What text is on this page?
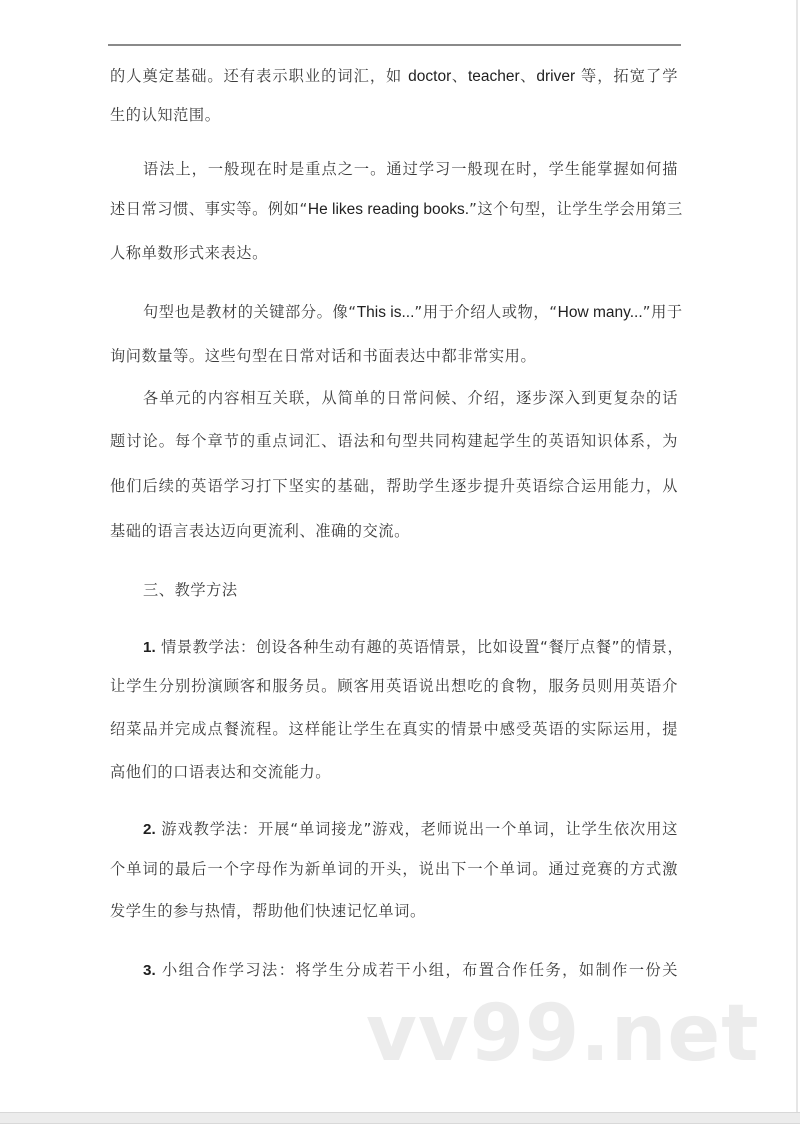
的人奠定基础。还有表示职业的词汇，如 doctor、teacher、driver 等，拓宽了学
生的认知范围。
语法上，一般现在时是重点之一。通过学习一般现在时，学生能掌握如何描
述日常习惯、事实等。例如“He likes reading books.”这个句型，让学生学会用第三
人称单数形式来表达。
句型也是教材的关键部分。像“This is...”用于介绍人或物，“How many...”用于
询问数量等。这些句型在日常对话和书面表达中都非常实用。
各单元的内容相互关联，从简单的日常问候、介绍，逐步深入到更复杂的话
题讨论。每个章节的重点词汇、语法和句型共同构建起学生的英语知识体系，为
他们后续的英语学习打下坚实的基础，帮助学生逐步提升英语综合运用能力，从
基础的语言表达迈向更流利、准确的交流。
三、教学方法
1. 情景教学法：创设各种生动有趣的英语情景，比如设置“餐厅点餐”的情景，
让学生分别扮演顾客和服务员。顾客用英语说出想吃的食物，服务员则用英语介
绍菜品并完成点餐流程。这样能让学生在真实的情景中感受英语的实际运用，提
高他们的口语表达和交流能力。
2. 游戏教学法：开展“单词接龙”游戏，老师说出一个单词，让学生依次用这
个单词的最后一个字母作为新单词的开头，说出下一个单词。通过竞赛的方式激
发学生的参与热情，帮助他们快速记忆单词。
3. 小组合作学习法：将学生分成若干小组，布置合作任务，如制作一份关
vv99.net
